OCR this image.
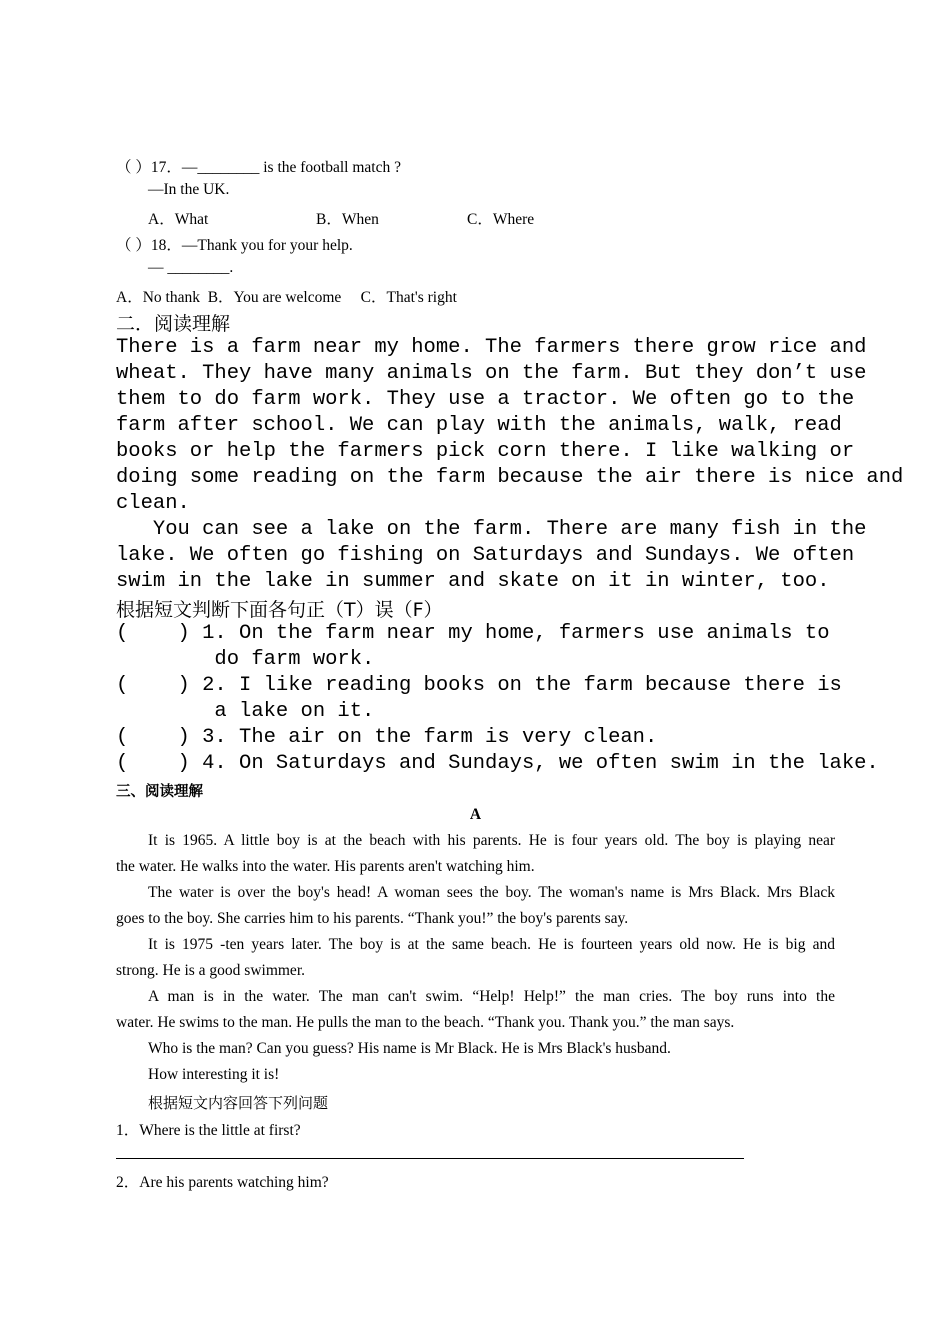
（ ）17．—________ is the football match ?
—In the UK.
A．What	B．When	C．Where
（ ）18．—Thank you for your help.
— ________.
A．No thank  B．You are welcome     C．That's right
二．阅读理解
There is a farm near my home. The farmers there grow rice and
wheat. They have many animals on the farm. But they don’t use
them to do farm work. They use a tractor. We often go to the
farm after school. We can play with the animals, walk, read
books or help the farmers pick corn there. I like walking or
doing some reading on the farm because the air there is nice and
clean.
You can see a lake on the farm. There are many fish in the
lake. We often go fishing on Saturdays and Sundays. We often
swim in the lake in summer and skate on it in winter, too.
根据短文判断下面各句正（T）误（F）
(    ) 1. On the farm near my home, farmers use animals to
do farm work.
(    ) 2. I like reading books on the farm because there is
a lake on it.
(    ) 3. The air on the farm is very clean.
(    ) 4. On Saturdays and Sundays, we often swim in the lake.
三、阅读理解
A
It is 1965. A little boy is at the beach with his parents. He is four years old. The boy is playing near
the water. He walks into the water. His parents aren't watching him.
The water is over the boy's head! A woman sees the boy. The woman's name is Mrs Black. Mrs Black
goes to the boy. She carries him to his parents. “Thank you!” the boy's parents say.
It is 1975 -ten years later. The boy is at the same beach. He is fourteen years old now. He is big and
strong. He is a good swimmer.
A man is in the water. The man can't swim. “Help! Help!” the man cries. The boy runs into the
water. He swims to the man. He pulls the man to the beach. “Thank you. Thank you.” the man says.
Who is the man? Can you guess? His name is Mr Black. He is Mrs Black's husband.
How interesting it is!
根据短文内容回答下列问题
1．Where is the little at first?
2．Are his parents watching him?
